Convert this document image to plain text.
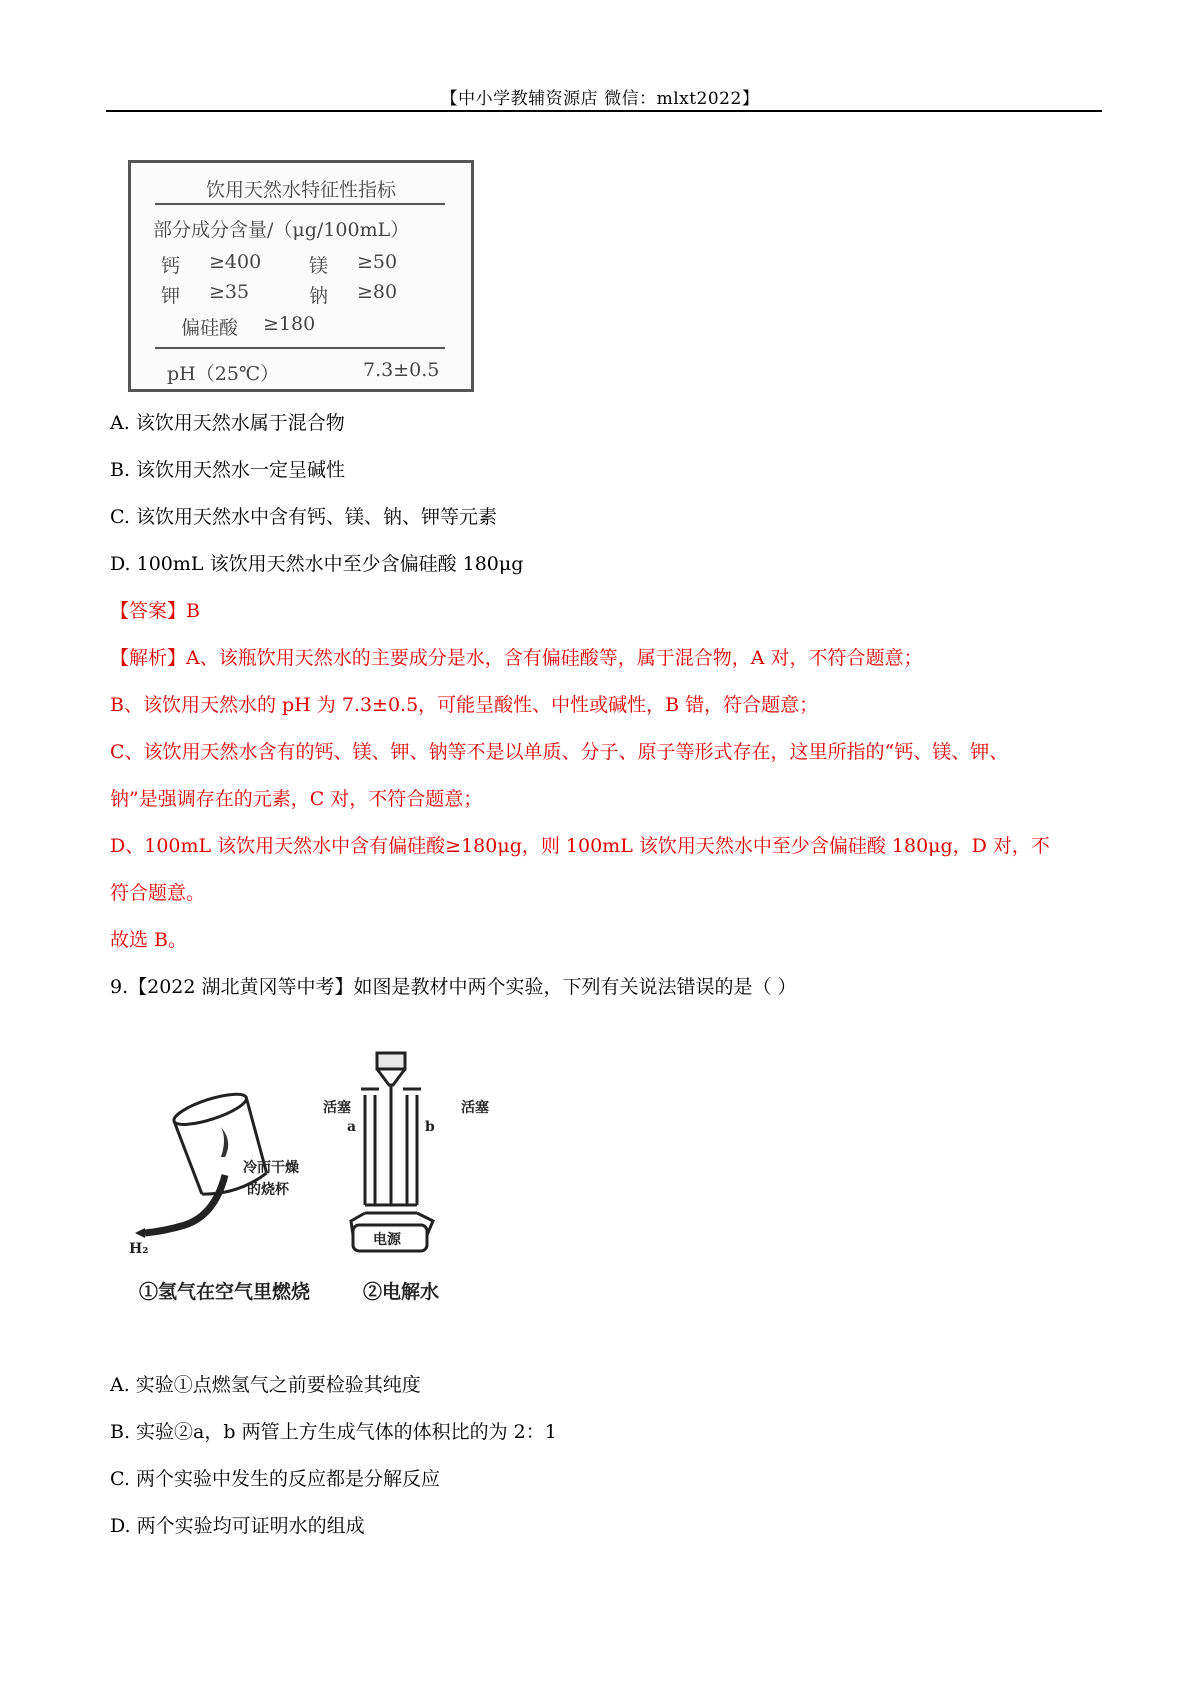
【中小学教辅资源店 微信：mlxt2022】
饮用天然水特征性指标
部分成分含量/（μg/100mL）
钙 ≥400	镁 ≥50
钾 ≥35	钠 ≥80
偏硅酸 ≥180
pH（25℃）	7.3±0.5
A. 该饮用天然水属于混合物
B. 该饮用天然水一定呈碱性
C. 该饮用天然水中含有钙、镁、钠、钾等元素
D. 100mL 该饮用天然水中至少含偏硅酸 180μg
【答案】B
【解析】A、该瓶饮用天然水的主要成分是水，含有偏硅酸等，属于混合物，A 对，不符合题意；
B、该饮用天然水的 pH 为 7.3±0.5，可能呈酸性、中性或碱性，B 错，符合题意；
C、该饮用天然水含有的钙、镁、钾、钠等不是以单质、分子、原子等形式存在，这里所指的“钙、镁、钾、
钠”是强调存在的元素，C 对，不符合题意；
D、100mL 该饮用天然水中含有偏硅酸≥180μg，则 100mL 该饮用天然水中至少含偏硅酸 180μg，D 对，不
符合题意。
故选 B。
9.【2022 湖北黄冈等中考】如图是教材中两个实验，下列有关说法错误的是（ ）
冷而干燥
的烧杯
H₂
活塞	活塞
a	b
电源
①氢气在空气里燃烧	②电解水
A. 实验①点燃氢气之前要检验其纯度
B. 实验②a，b 两管上方生成气体的体积比的为 2：1
C. 两个实验中发生的反应都是分解反应
D. 两个实验均可证明水的组成
